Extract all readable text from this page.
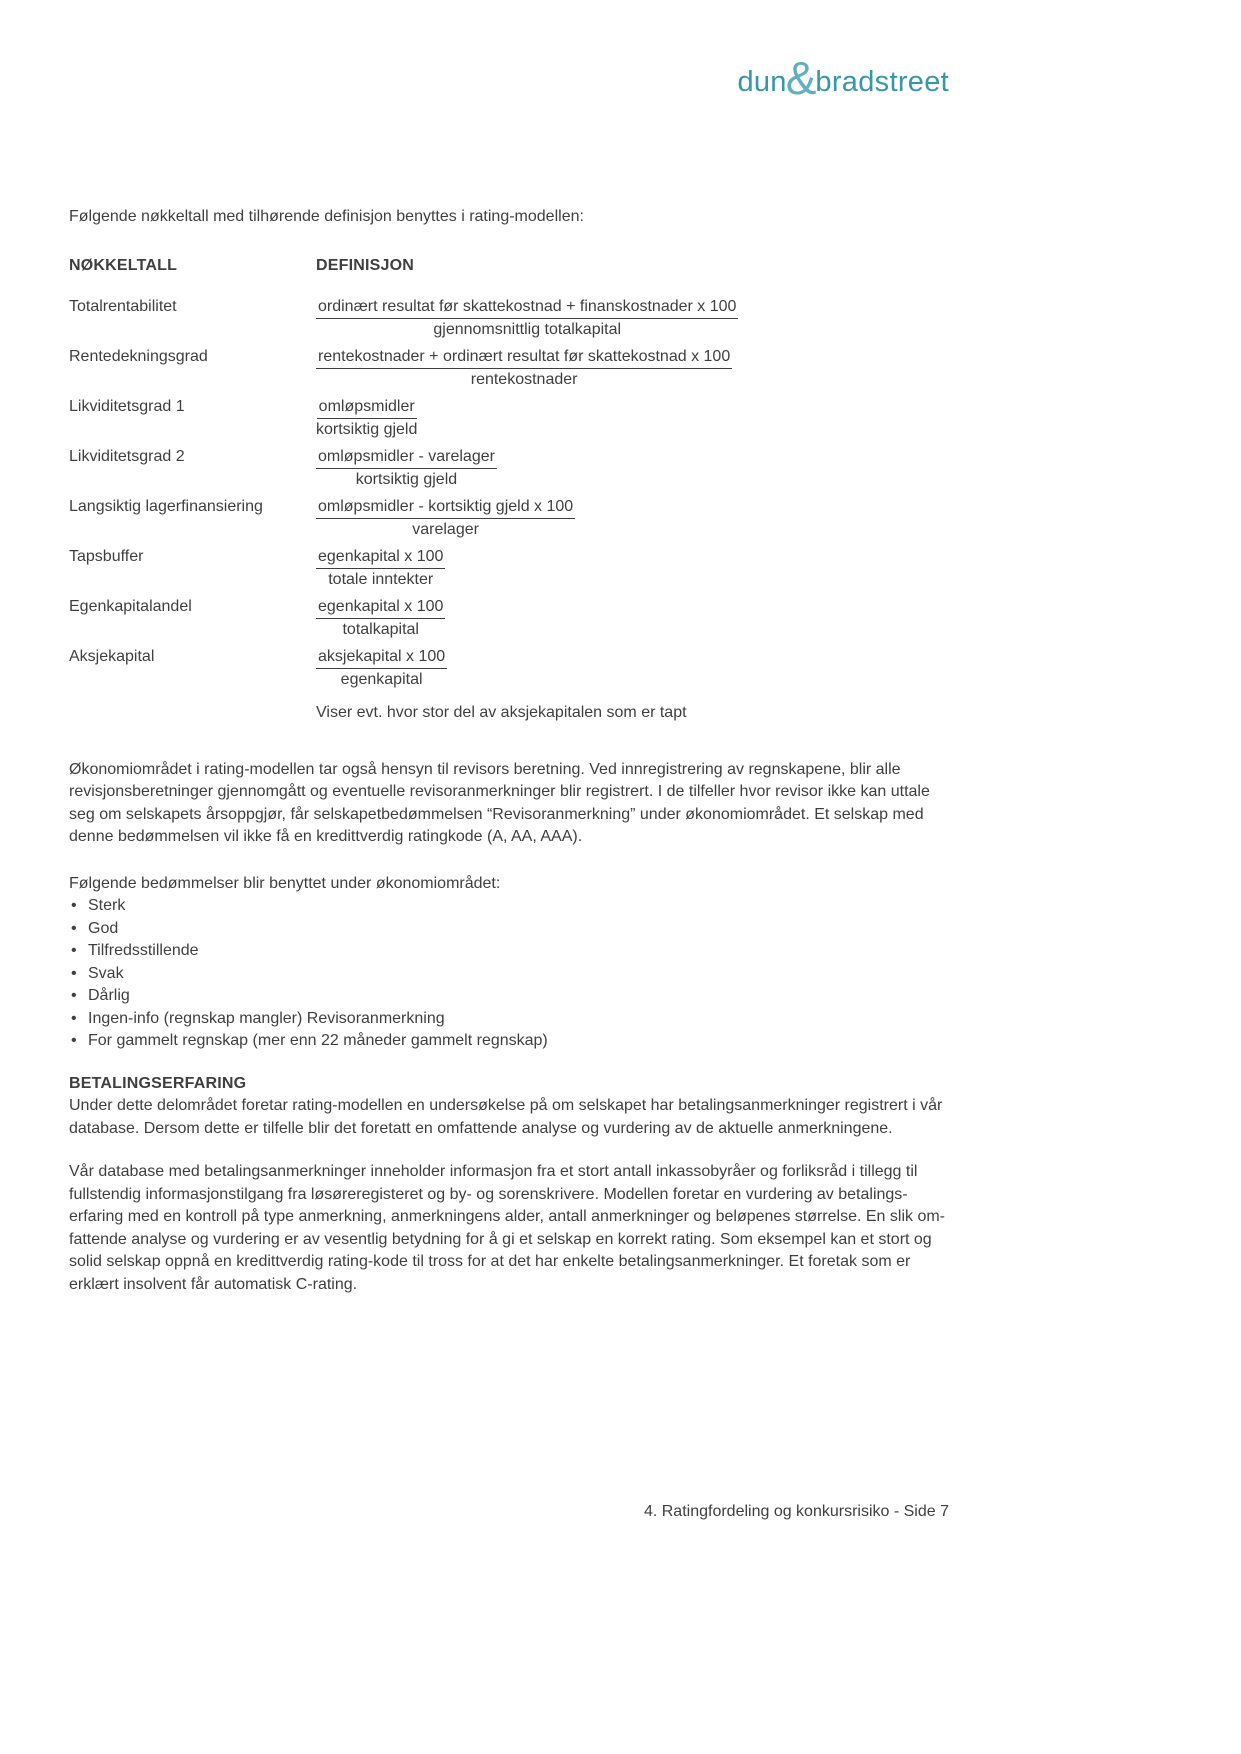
dun & bradstreet

Følgende nøkkeltall med tilhørende definisjon benyttes i rating-modellen:

NØKKELTALL	DEFINISJON
Totalrentabilitet	$\frac{\text{ordinært resultat før skattekostnad + finanskostnader x 100}}{\text{gjennomsnittlig totalkapital}}$
Rentedekningsgrad	$\frac{\text{rentekostnader + ordinært resultat før skattekostnad x 100}}{\text{rentekostnader}}$
Likviditetsgrad 1	$\frac{\text{omløpsmidler}}{\text{kortsiktig gjeld}}$
Likviditetsgrad 2	$\frac{\text{omløpsmidler - varelager}}{\text{kortsiktig gjeld}}$
Langsiktig lagerfinansiering	$\frac{\text{omløpsmidler - kortsiktig gjeld x 100}}{\text{varelager}}$
Tapsbuffer	$\frac{\text{egenkapital x 100}}{\text{totale inntekter}}$
Egenkapitalandel	$\frac{\text{egenkapital x 100}}{\text{totalkapital}}$
Aksjekapital	$\frac{\text{aksjekapital x 100}}{\text{egenkapital}}$
Viser evt. hvor stor del av aksjekapitalen som er tapt

Økonomiområdet i rating-modellen tar også hensyn til revisors beretning. Ved innregistrering av regnskapene, blir alle revisjonsberetninger gjennomgått og eventuelle revisoranmerkninger blir registrert. I de tilfeller hvor revisor ikke kan uttale seg om selskapets årsoppgjør, får selskapetbedømmelsen “Revisoranmerkning” under økonomiområdet. Et selskap med denne bedømmelsen vil ikke få en kredittverdig ratingkode (A, AA, AAA).

Følgende bedømmelser blir benyttet under økonomiområdet:

• Sterk
• God
• Tilfredsstillende
• Svak
• Dårlig
• Ingen-info (regnskap mangler) Revisoranmerkning
• For gammelt regnskap (mer enn 22 måneder gammelt regnskap)
BETALINGSERFARING

Under dette delområdet foretar rating-modellen en undersøkelse på om selskapet har betalingsanmerkninger registrert i vår database. Dersom dette er tilfelle blir det foretatt en omfattende analyse og vurdering av de aktuelle anmerkningene.

Vår database med betalingsanmerkninger inneholder informasjon fra et stort antall inkassobyråer og forliksråd i tillegg til fullstendig informasjonstilgang fra løsøreregisteret og by- og sorenskrivere. Modellen foretar en vurdering av betalings- erfaring med en kontroll på type anmerkning, anmerkningens alder, antall anmerkninger og beløpenes størrelse. En slik om- fattende analyse og vurdering er av vesentlig betydning for å gi et selskap en korrekt rating. Som eksempel kan et stort og solid selskap oppnå en kredittverdig rating-kode til tross for at det har enkelte betalingsanmerkninger. Et foretak som er erklært insolvent får automatisk C-rating.

4. Ratingfordeling og konkursrisiko - Side 7
